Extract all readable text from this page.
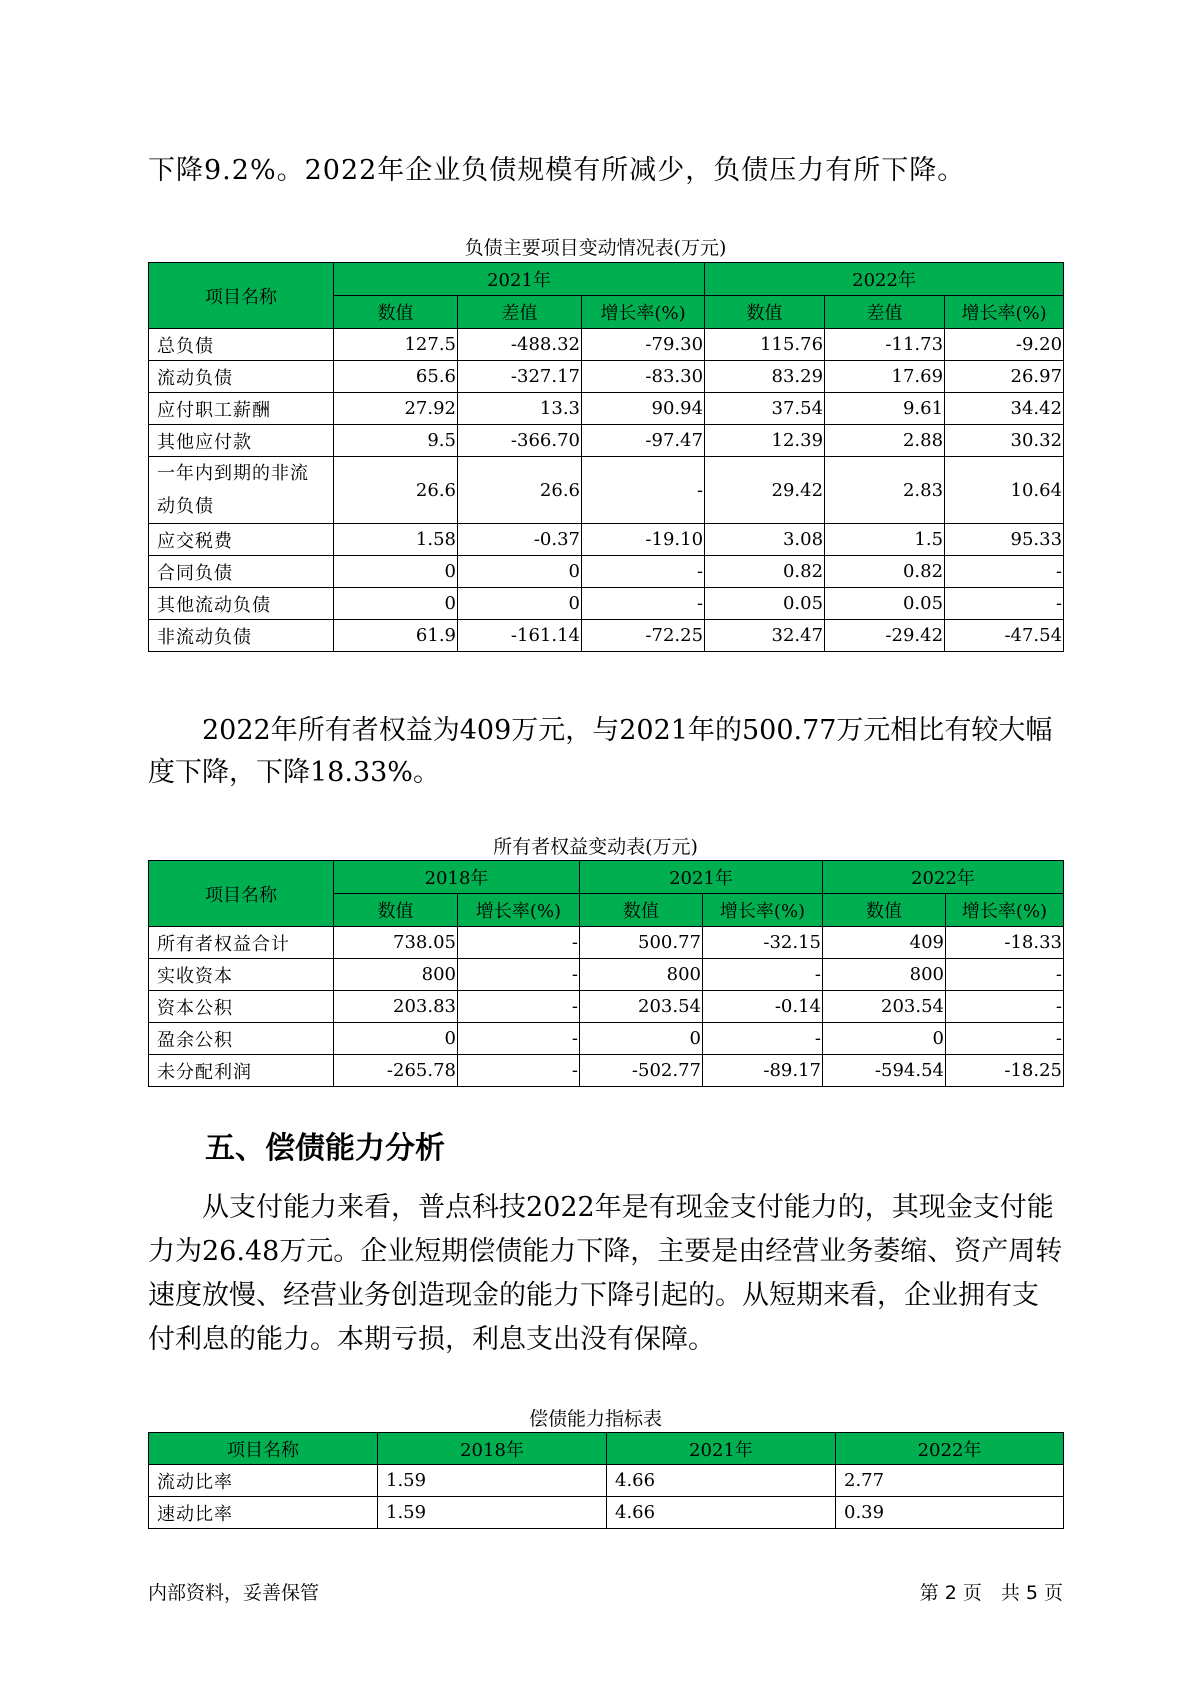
下降9.2%。2022年企业负债规模有所减少，负债压力有所下降。
负债主要项目变动情况表(万元)
项目名称	2021年			2022年		
	数值	差值	增长率(%)	数值	差值	增长率(%)
总负债	127.5	-488.32	-79.30	115.76	-11.73	-9.20
流动负债	65.6	-327.17	-83.30	83.29	17.69	26.97
应付职工薪酬	27.92	13.3	90.94	37.54	9.61	34.42
其他应付款	9.5	-366.70	-97.47	12.39	2.88	30.32

一年内到期的非流
动负债	26.6	26.6	-	29.42	2.83	10.64
应交税费	1.58	-0.37	-19.10	3.08	1.5	95.33
合同负债	0	0	-	0.82	0.82	-
其他流动负债	0	0	-	0.05	0.05	-
非流动负债	61.9	-161.14	-72.25	32.47	-29.42	-47.54
2022年所有者权益为409万元，与2021年的500.77万元相比有较大幅度下降，下降18.33%。
所有者权益变动表(万元)
项目名称	2018年		2021年		2022年	
	数值	增长率(%)	数值	增长率(%)	数值	增长率(%)
所有者权益合计	738.05	-	500.77	-32.15	409	-18.33
实收资本	800	-	800	-	800	-
资本公积	203.83	-	203.54	-0.14	203.54	-
盈余公积	0	-	0	-	0	-
未分配利润	-265.78	-	-502.77	-89.17	-594.54	-18.25
五、偿债能力分析
从支付能力来看，普点科技2022年是有现金支付能力的，其现金支付能力为26.48万元。企业短期偿债能力下降，主要是由经营业务萎缩、资产周转速度放慢、经营业务创造现金的能力下降引起的。从短期来看，企业拥有支付利息的能力。本期亏损，利息支出没有保障。
偿债能力指标表
项目名称	2018年	2021年	2022年
流动比率	1.59	4.66	2.77
速动比率	1.59	4.66	0.39
内部资料，妥善保管	第 2 页　共 5 页
